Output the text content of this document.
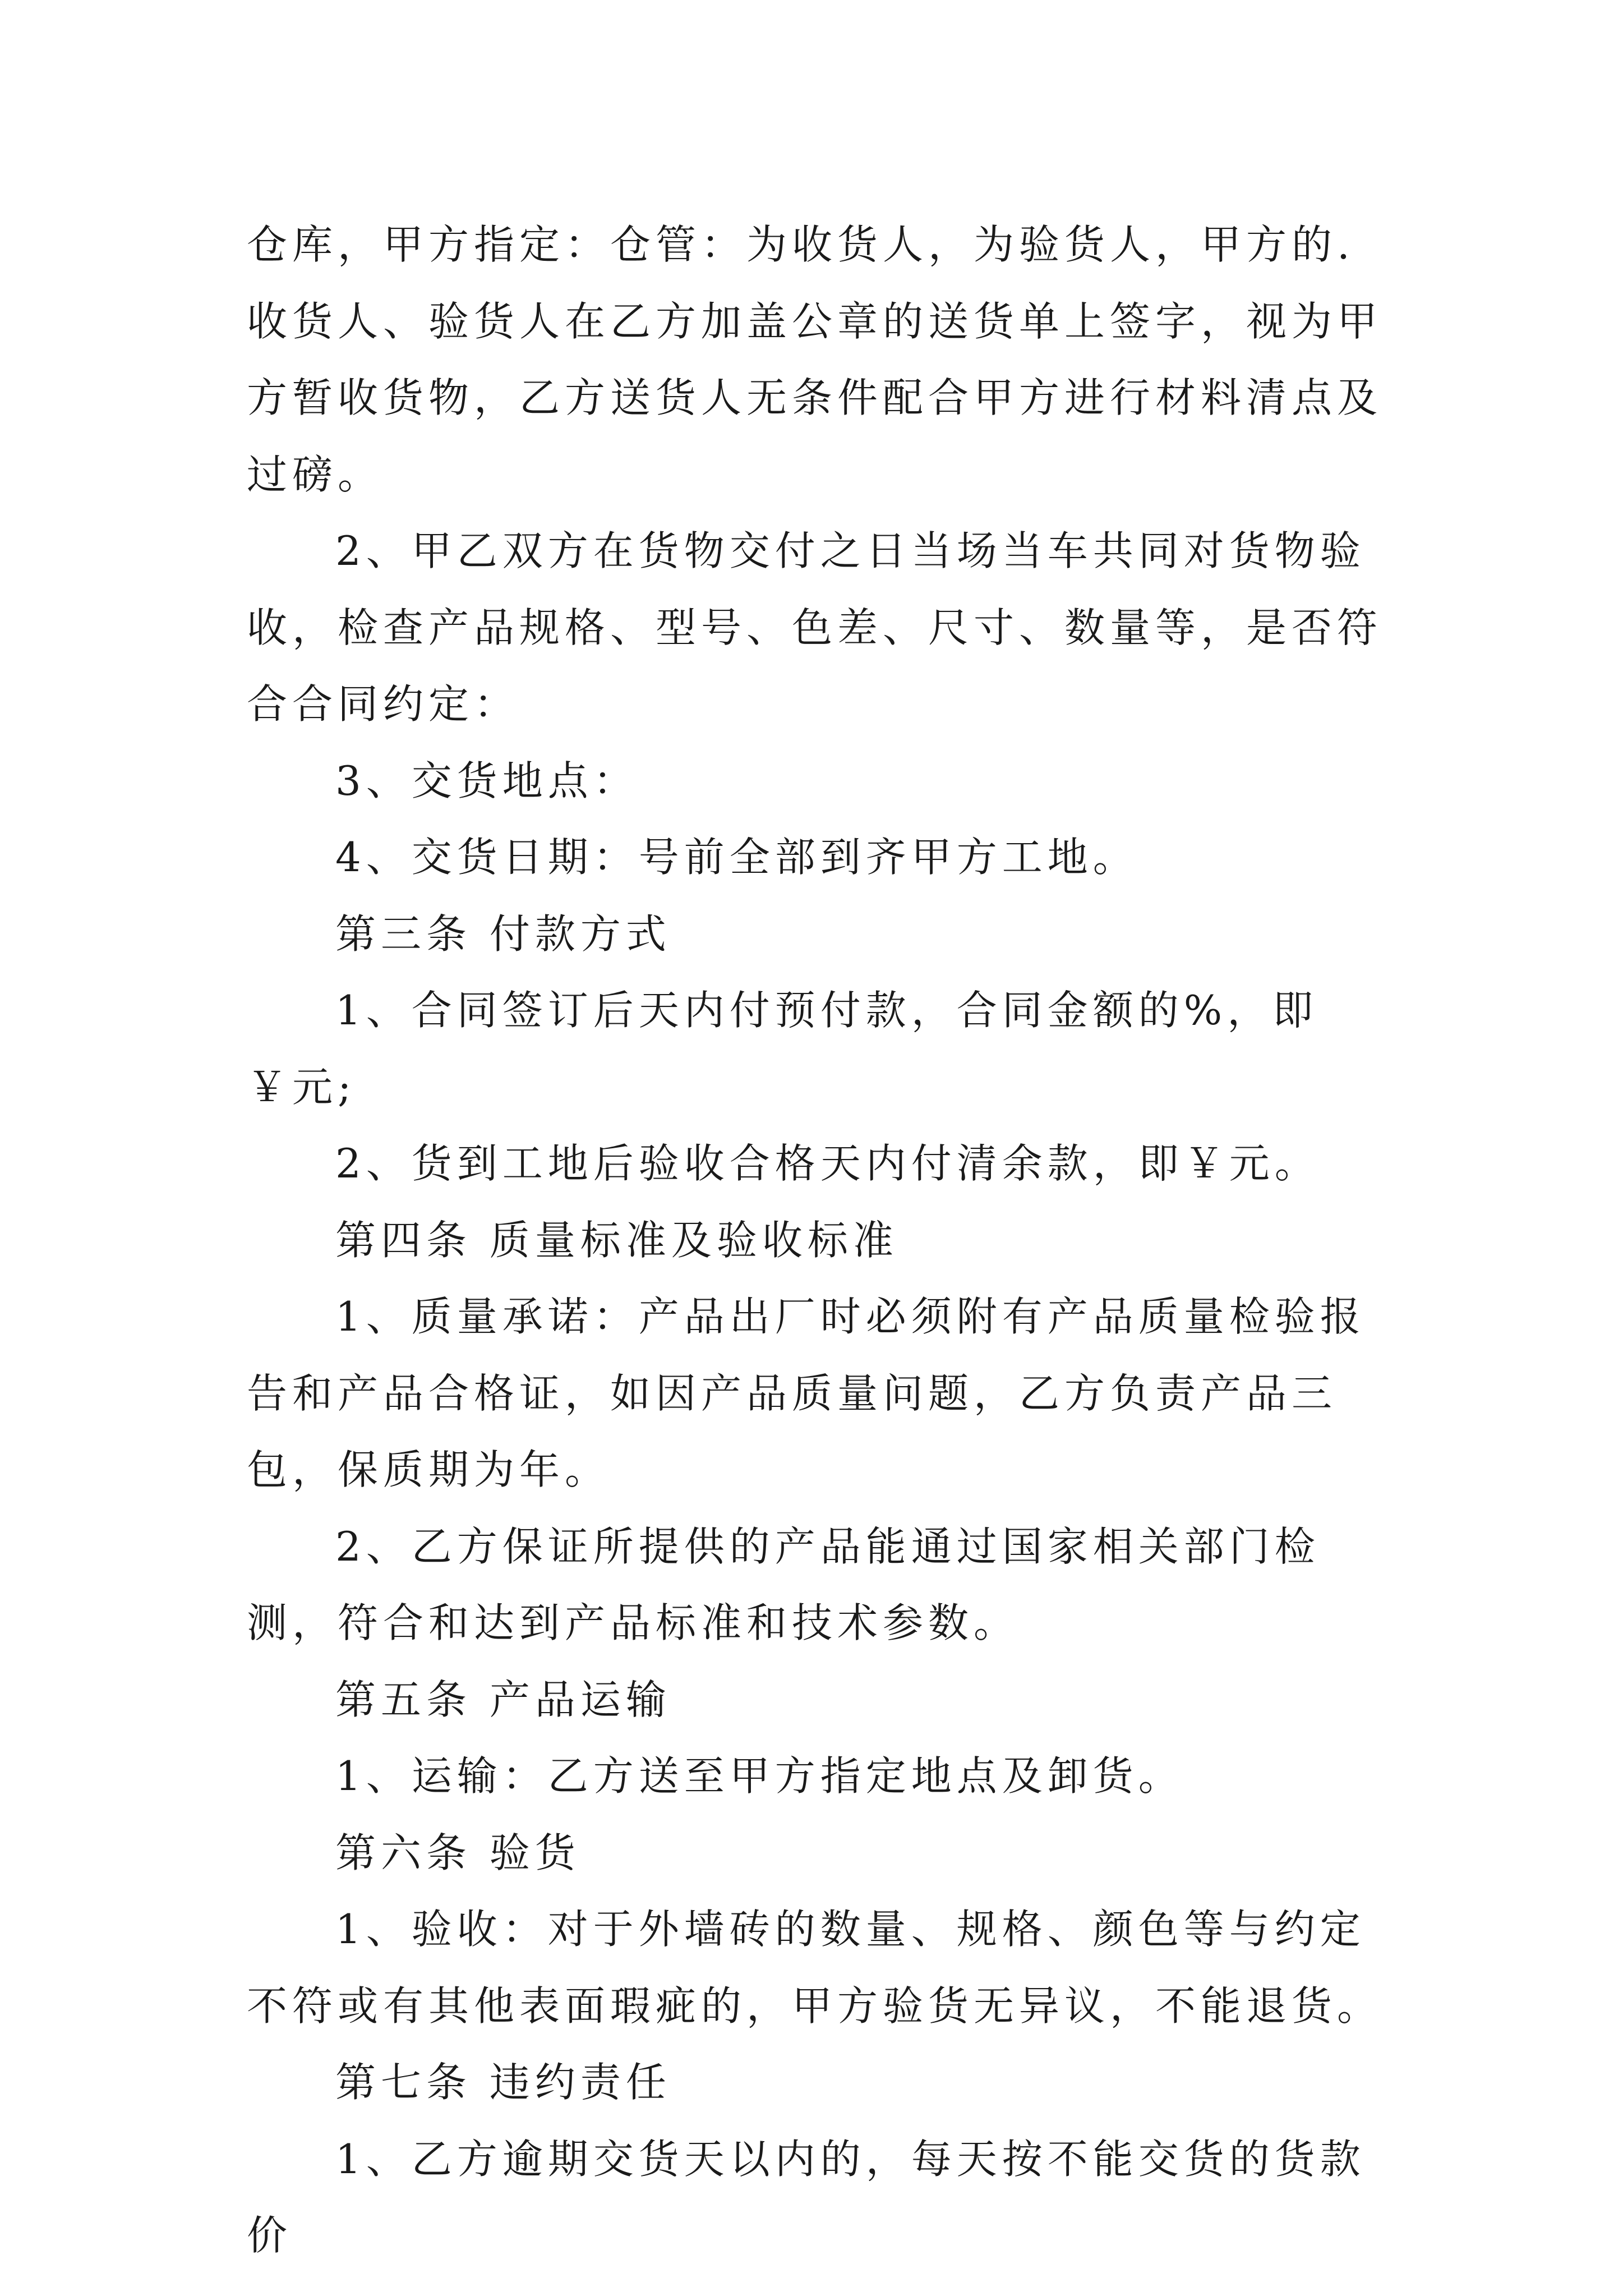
仓库，甲方指定：仓管：为收货人，为验货人，甲方的.收货人、验货人在乙方加盖公章的送货单上签字，视为甲方暂收货物，乙方送货人无条件配合甲方进行材料清点及过磅。

2、甲乙双方在货物交付之日当场当车共同对货物验收，检查产品规格、型号、色差、尺寸、数量等，是否符合合同约定：

3、交货地点：

4、交货日期：号前全部到齐甲方工地。

第三条 付款方式

1、合同签订后天内付预付款，合同金额的%，即￥元;

2、货到工地后验收合格天内付清余款，即￥元。

第四条 质量标准及验收标准

1、质量承诺：产品出厂时必须附有产品质量检验报告和产品合格证，如因产品质量问题，乙方负责产品三包，保质期为年。

2、乙方保证所提供的产品能通过国家相关部门检测，符合和达到产品标准和技术参数。

第五条 产品运输

1、运输：乙方送至甲方指定地点及卸货。

第六条 验货

1、验收：对于外墙砖的数量、规格、颜色等与约定不符或有其他表面瑕疵的，甲方验货无异议，不能退货。

第七条 违约责任

1、乙方逾期交货天以内的，每天按不能交货的货款价
